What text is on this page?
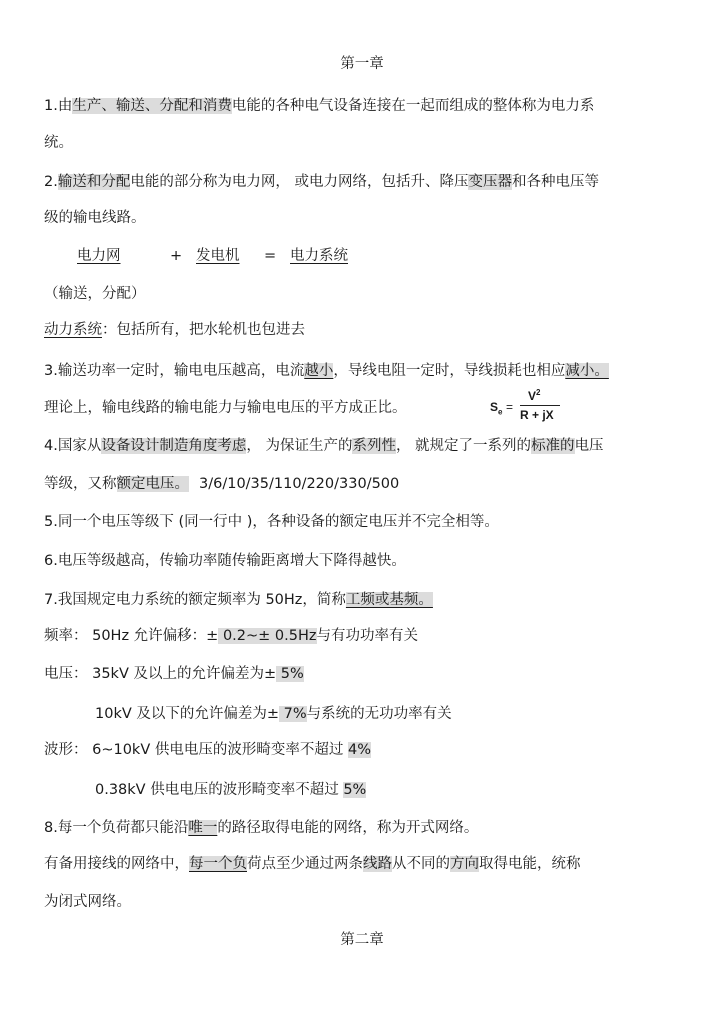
第一章
1.由生产、输送、分配和消费电能的各种电气设备连接在一起而组成的整体称为电力系
统。
2.输送和分配电能的部分称为电力网， 或电力网络，包括升、降压变压器和各种电压等
级的输电线路。
电力网	+ 发电机 = 电力系统
（输送，分配）
动力系统：包括所有，把水轮机也包进去
3.输送功率一定时，输电电压越高，电流越小，导线电阻一定时，导线损耗也相应减小。
理论上，输电线路的输电能力与输电电压的平方成正比。	$S_e$ =
$V^2$
R + jX
4.国家从设备设计制造角度考虑， 为保证生产的系列性， 就规定了一系列的标准的电压
等级，又称额定电压。 3/6/10/35/110/220/330/500
5.同一个电压等级下 (同一行中 )，各种设备的额定电压并不完全相等。
6.电压等级越高，传输功率随传输距离增大下降得越快。
7.我国规定电力系统的额定频率为 50Hz，简称工频或基频。
频率： 50Hz 允许偏移：± 0.2~± 0.5Hz与有功功率有关
电压： 35kV 及以上的允许偏差为± 5%
10kV 及以下的允许偏差为± 7%与系统的无功功率有关
波形： 6~10kV 供电电压的波形畸变率不超过 4%
0.38kV 供电电压的波形畸变率不超过 5%
8.每一个负荷都只能沿唯一的路径取得电能的网络，称为开式网络。
有备用接线的网络中，每一个负荷点至少通过两条线路从不同的方向取得电能，统称
为闭式网络。
第二章
